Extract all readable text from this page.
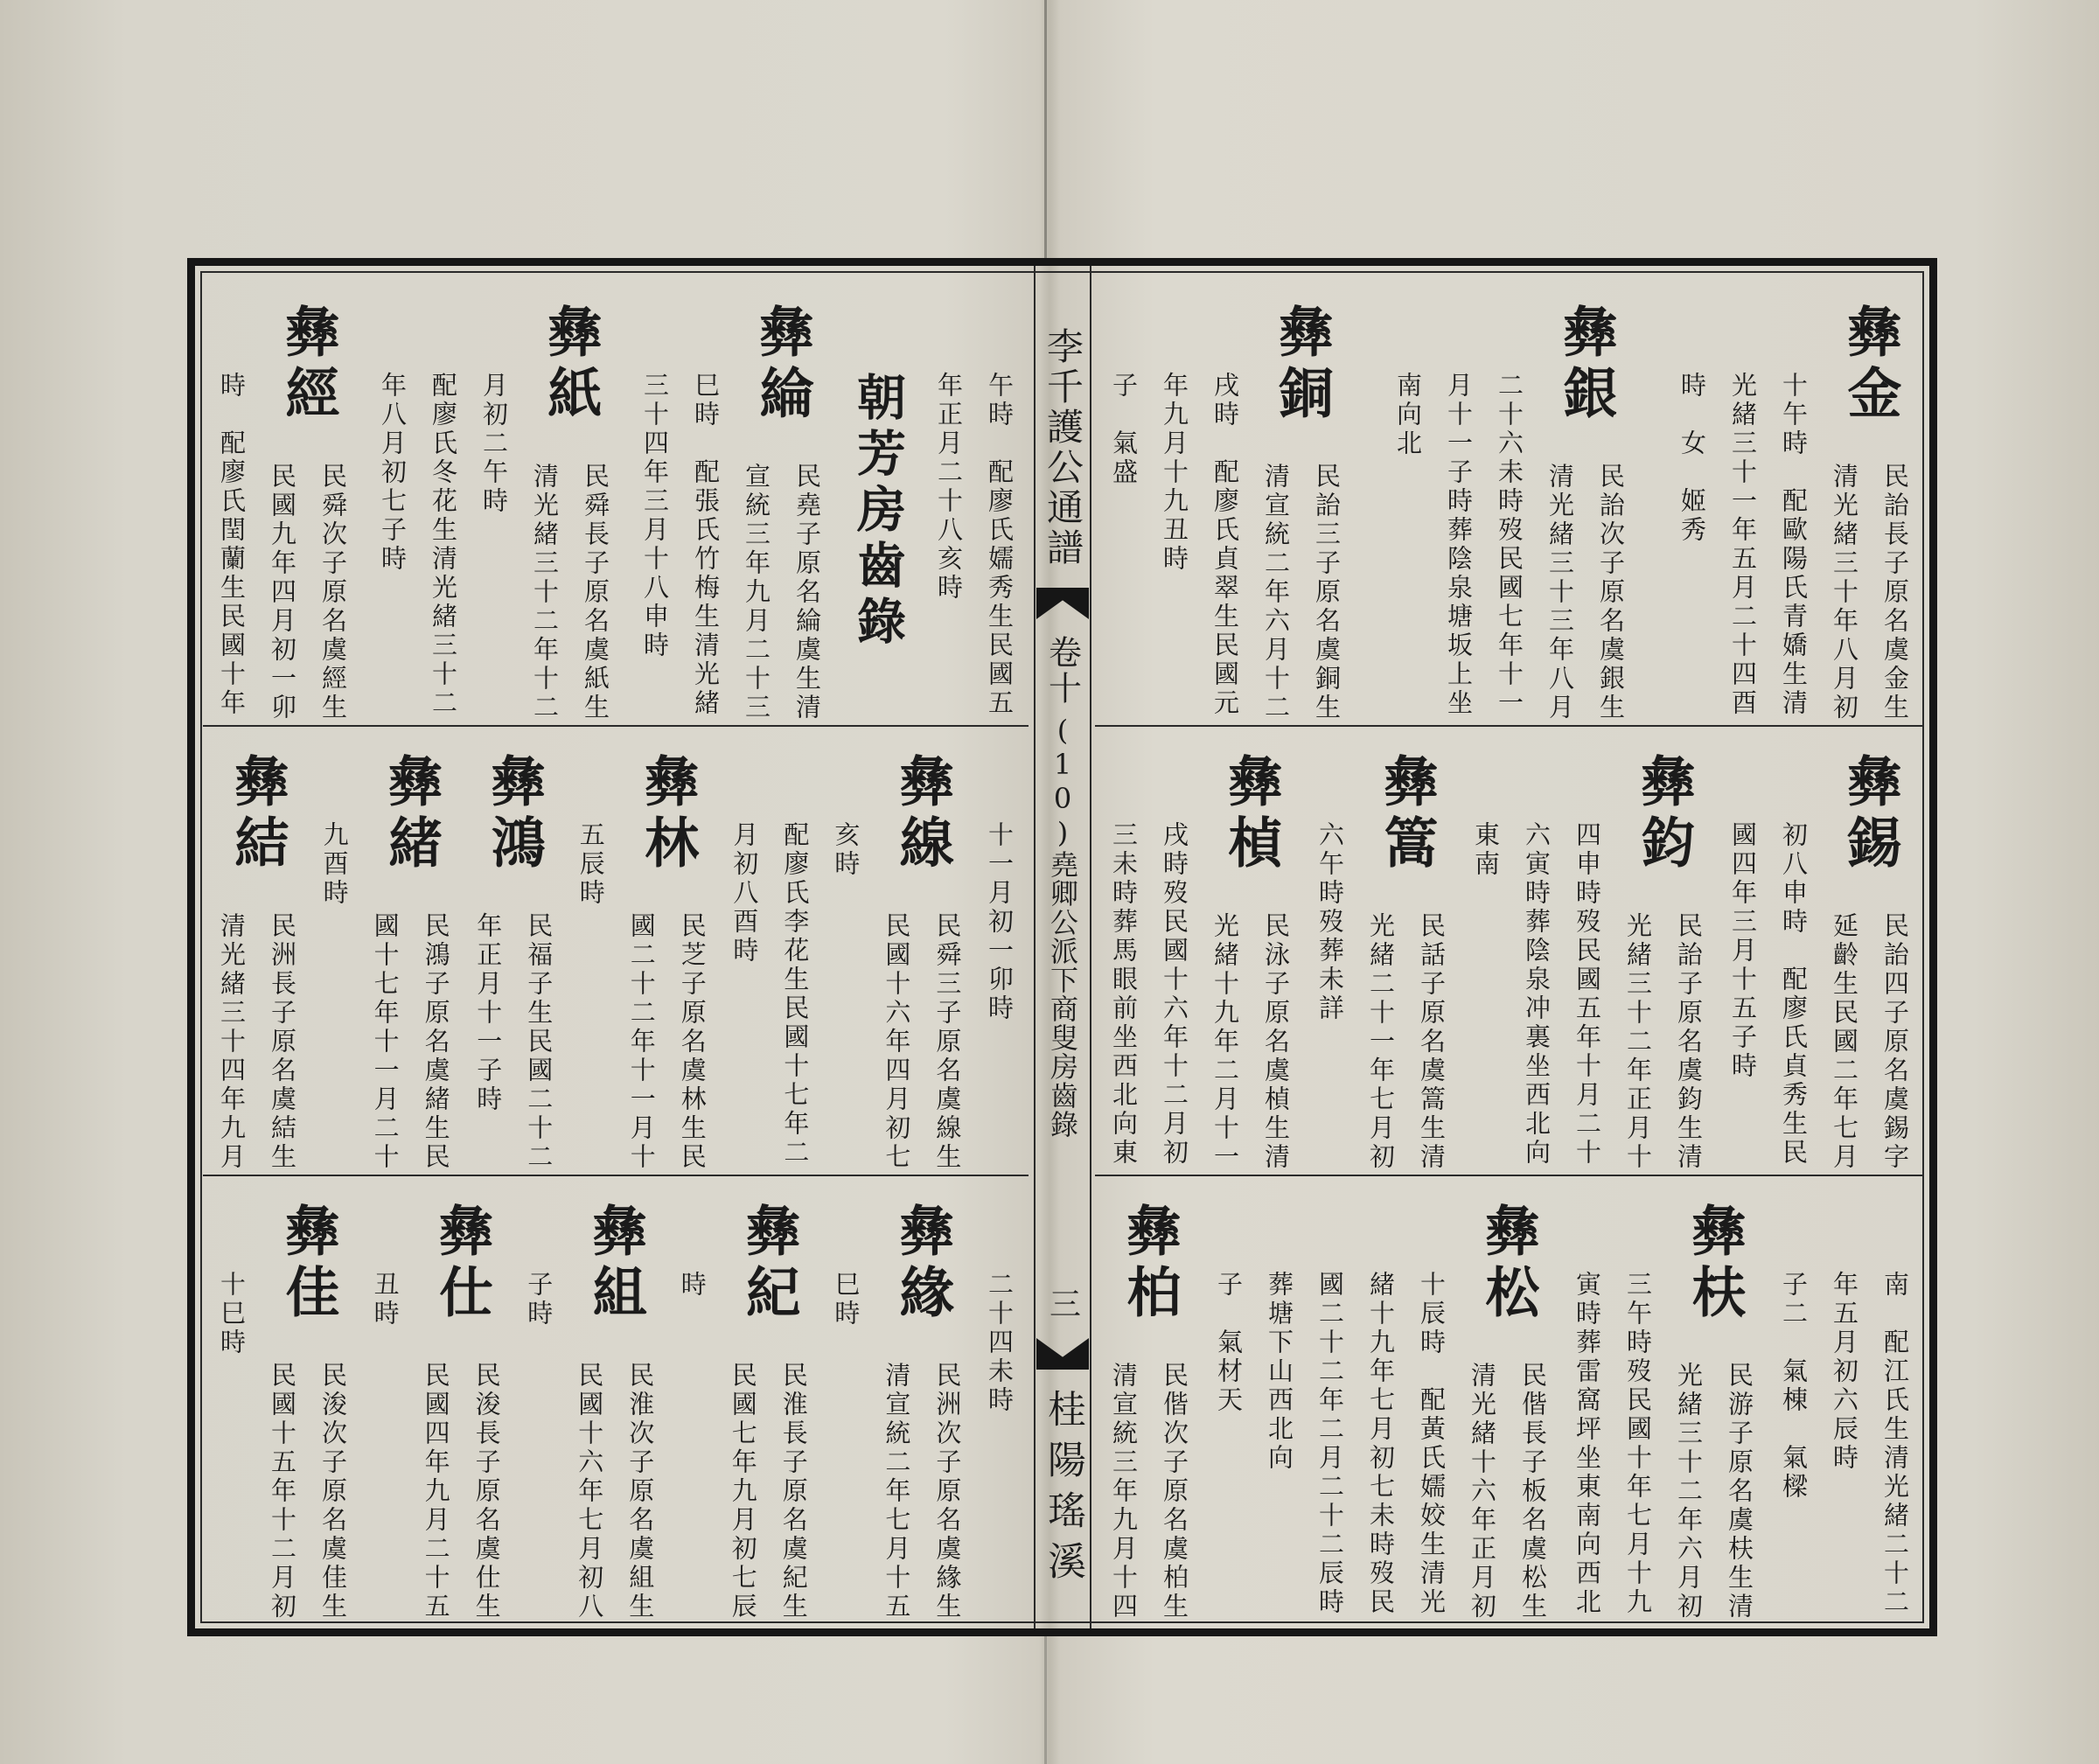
李千護公通譜
卷十
(10)堯卿公派下商叟房齒錄
三
桂陽瑤溪
彝金
民詒長子原名虞金生
清光緒三十年八月初
十午時　配歐陽氏青嬌生清
光緒三十一年五月二十四酉
時　女　姬秀
彝銀
民詒次子原名虞銀生
清光緒三十三年八月
二十六未時歿民國七年十一
月十一子時葬陰泉塘坂上坐
南向北
彝銅
民詒三子原名虞銅生
清宣統二年六月十二
戌時　配廖氏貞翠生民國元
年九月十九丑時
子　氣盛
彝錫
民詒四子原名虞錫字
延齡生民國二年七月
初八申時　配廖氏貞秀生民
國四年三月十五子時
彝鈞
民詒子原名虞鈞生清
光緒三十二年正月十
四申時歿民國五年十月二十
六寅時葬陰泉冲裏坐西北向
東南
彝篙
民話子原名虞篙生清
光緒二十一年七月初
六午時歿葬未詳
彝楨
民泳子原名虞楨生清
光緒十九年二月十一
戌時歿民國十六年十二月初
三未時葬馬眼前坐西北向東
南　配江氏生清光緒二十二
年五月初六辰時
子二　氣棟　氣樑
彝枎
民游子原名虞枎生清
光緒三十二年六月初
三午時歿民國十年七月十九
寅時葬雷窩坪坐東南向西北
彝松
民偕長子板名虞松生
清光緒十六年正月初
十辰時　配黃氏嬬姣生清光
緒十九年七月初七未時歿民
國二十二年二月二十二辰時
葬塘下山西北向
子　氣材天
彝柏
民偕次子原名虞柏生
清宣統三年九月十四
午時　配廖氏嬬秀生民國五
年正月二十八亥時
朝芳房齒錄
彝綸
民堯子原名綸虞生清
宣統三年九月二十三
巳時　配張氏竹梅生清光緒
三十四年三月十八申時
彝紙
民舜長子原名虞紙生
清光緒三十二年十二
月初二午時
配廖氏冬花生清光緒三十二
年八月初七子時
彝經
民舜次子原名虞經生
民國九年四月初一卯
時　配廖氏閏蘭生民國十年
十一月初一卯時
彝線
民舜三子原名虞線生
民國十六年四月初七
亥時
配廖氏李花生民國十七年二
月初八酉時
彝林
民芝子原名虞林生民
國二十二年十一月十
五辰時
彝鴻
民福子生民國二十二
年正月十一子時
彝緒
民鴻子原名虞緒生民
國十七年十一月二十
九酉時
彝結
民洲長子原名虞結生
清光緒三十四年九月
二十四未時
彝緣
民洲次子原名虞緣生
清宣統二年七月十五
巳時
彝紀
民淮長子原名虞紀生
民國七年九月初七辰
時
彝組
民淮次子原名虞組生
民國十六年七月初八
子時
彝仕
民浚長子原名虞仕生
民國四年九月二十五
丑時
彝佳
民浚次子原名虞佳生
民國十五年十二月初
十巳時
